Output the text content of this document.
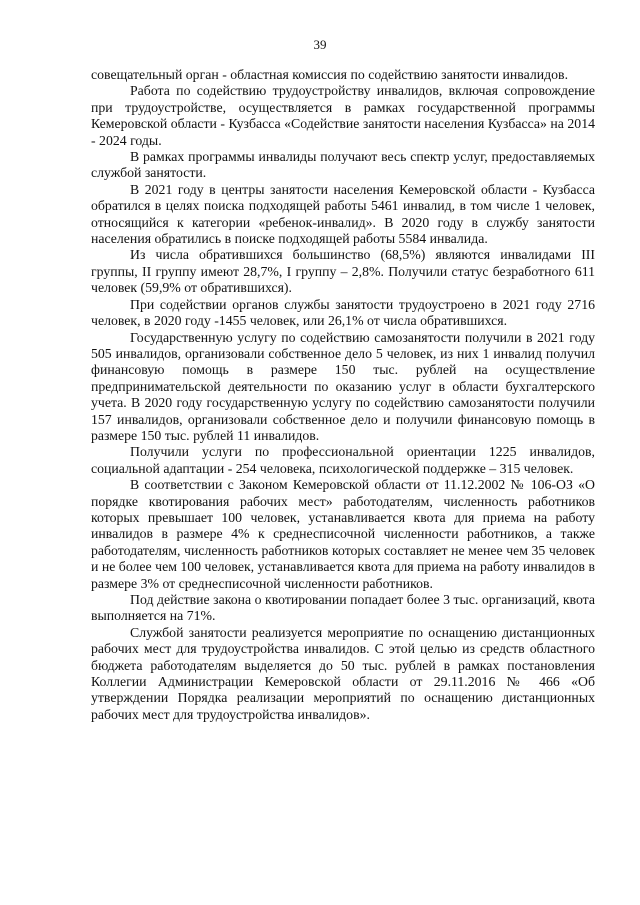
39

совещательный орган - областная комиссия по содействию занятости инвалидов.

Работа по содействию трудоустройству инвалидов, включая сопровождение при трудоустройстве, осуществляется в рамках государственной программы Кемеровской области - Кузбасса «Содействие занятости населения Кузбасса» на 2014 - 2024 годы.

В рамках программы инвалиды получают весь спектр услуг, предоставляемых службой занятости.

В 2021 году в центры занятости населения Кемеровской области - Кузбасса обратился в целях поиска подходящей работы 5461 инвалид, в том числе 1 человек, относящийся к категории «ребенок-инвалид». В 2020 году в службу занятости населения обратились в поиске подходящей работы 5584 инвалида.

Из числа обратившихся большинство (68,5%) являются инвалидами III группы, II группу имеют 28,7%, I группу – 2,8%. Получили статус безработного 611 человек (59,9% от обратившихся).

При содействии органов службы занятости трудоустроено в 2021 году 2716 человек, в 2020 году -1455 человек, или 26,1% от числа обратившихся.

Государственную услугу по содействию самозанятости получили в 2021 году 505 инвалидов, организовали собственное дело 5 человек, из них 1 инвалид получил финансовую помощь в размере 150 тыс. рублей на осуществление предпринимательской деятельности по оказанию услуг в области бухгалтерского учета. В 2020 году государственную услугу по содействию самозанятости получили 157 инвалидов, организовали собственное дело и получили финансовую помощь в размере 150 тыс. рублей 11 инвалидов.

Получили услуги по профессиональной ориентации 1225 инвалидов, социальной адаптации - 254 человека, психологической поддержке – 315 человек.

В соответствии с Законом Кемеровской области от 11.12.2002 № 106-ОЗ «О порядке квотирования рабочих мест» работодателям, численность работников которых превышает 100 человек, устанавливается квота для приема на работу инвалидов в размере 4% к среднесписочной численности работников, а также работодателям, численность работников которых составляет не менее чем 35 человек и не более чем 100 человек, устанавливается квота для приема на работу инвалидов в размере 3% от среднесписочной численности работников.

Под действие закона о квотировании попадает более 3 тыс. организаций, квота выполняется на 71%.

Службой занятости реализуется мероприятие по оснащению дистанционных рабочих мест для трудоустройства инвалидов. С этой целью из средств областного бюджета работодателям выделяется до 50 тыс. рублей в рамках постановления Коллегии Администрации Кемеровской области от 29.11.2016 № 466 «Об утверждении Порядка реализации мероприятий по оснащению дистанционных рабочих мест для трудоустройства инвалидов».
